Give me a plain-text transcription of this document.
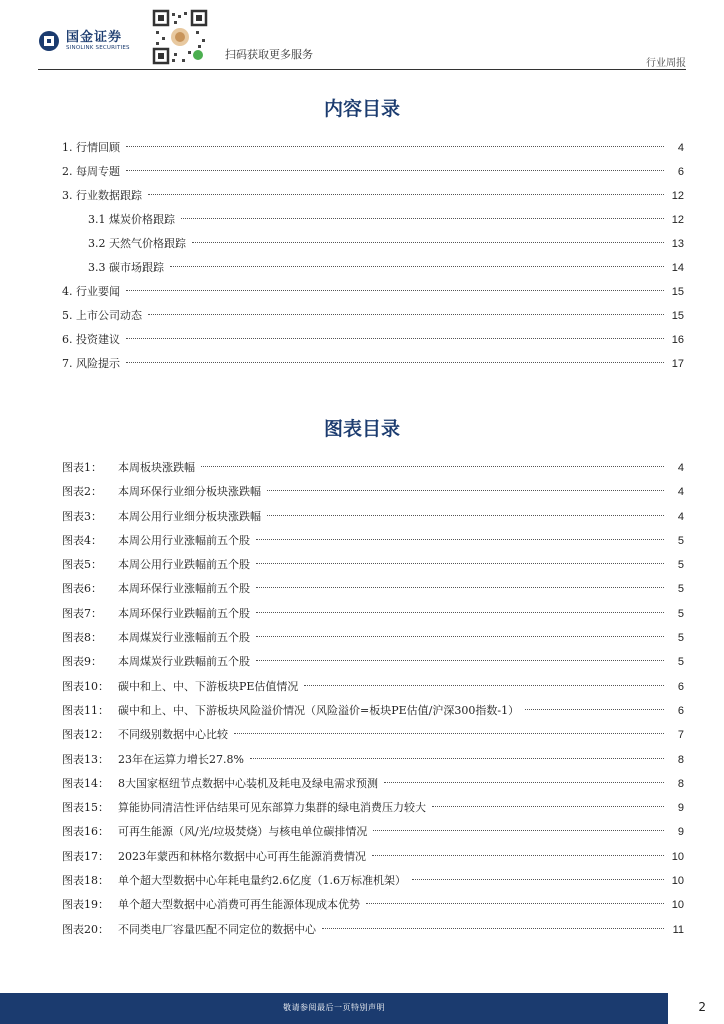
国金证券
SINOLINK SECURITIES
扫码获取更多服务
行业周报
内容目录
1. 行情回顾	4
2. 每周专题	6
3. 行业数据跟踪	12
3.1 煤炭价格跟踪	12
3.2 天然气价格跟踪	13
3.3 碳市场跟踪	14
4. 行业要闻	15
5. 上市公司动态	15
6. 投资建议	16
7. 风险提示	17
图表目录
图表1：	本周板块涨跌幅	4
图表2：	本周环保行业细分板块涨跌幅	4
图表3：	本周公用行业细分板块涨跌幅	4
图表4：	本周公用行业涨幅前五个股	5
图表5：	本周公用行业跌幅前五个股	5
图表6：	本周环保行业涨幅前五个股	5
图表7：	本周环保行业跌幅前五个股	5
图表8：	本周煤炭行业涨幅前五个股	5
图表9：	本周煤炭行业跌幅前五个股	5
图表10： 碳中和上、中、下游板块PE估值情况	6
图表11： 碳中和上、中、下游板块风险溢价情况（风险溢价=板块PE估值/沪深300指数-1）	6
图表12： 不同级别数据中心比较	7
图表13： 23年在运算力增长27.8%	8
图表14： 8大国家枢纽节点数据中心装机及耗电及绿电需求预测	8
图表15： 算能协同清洁性评估结果可见东部算力集群的绿电消费压力较大	9
图表16： 可再生能源（风/光/垃圾焚烧）与核电单位碳排情况	9
图表17： 2023年蒙西和林格尔数据中心可再生能源消费情况	10
图表18： 单个超大型数据中心年耗电量约2.6亿度（1.6万标准机架）	10
图表19： 单个超大型数据中心消费可再生能源体现成本优势	10
图表20： 不同类电厂容量匹配不同定位的数据中心	11
敬请参阅最后一页特别声明	2
